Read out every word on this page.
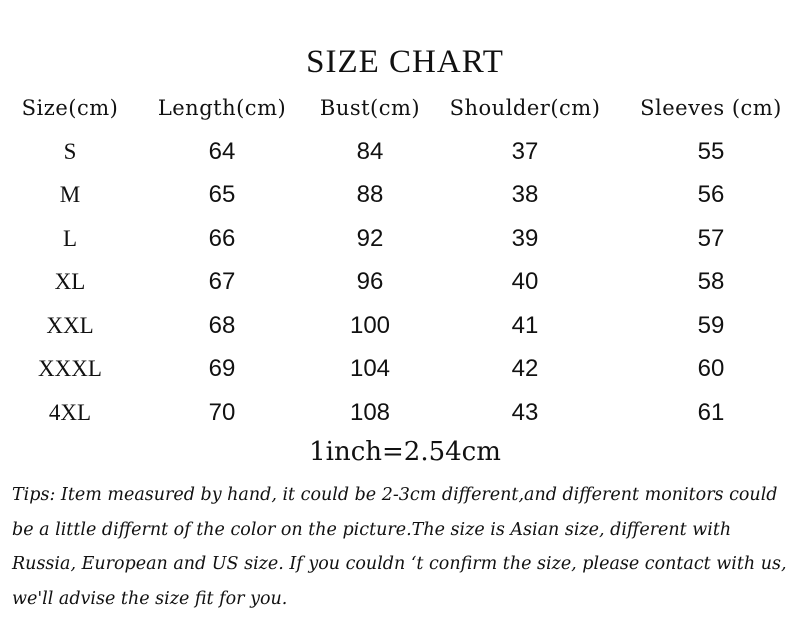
SIZE CHART
Size(cm) Length(cm) Bust(cm) Shoulder(cm) Sleeves (cm)
S	64	84	37	55
M	65	88	38	56
L	66	92	39	57
XL	67	96	40	58
XXL	68	100	41	59
XXXL	69	104	42	60
4XL	70	108	43	61
1inch=2.54cm
Tips: Item measured by hand, it could be 2-3cm different,and different monitors could be a little differnt of the color on the picture.The size is Asian size, different with Russia, European and US size. If you couldn ‘t confirm the size, please contact with us, we'll advise the size fit for you.
